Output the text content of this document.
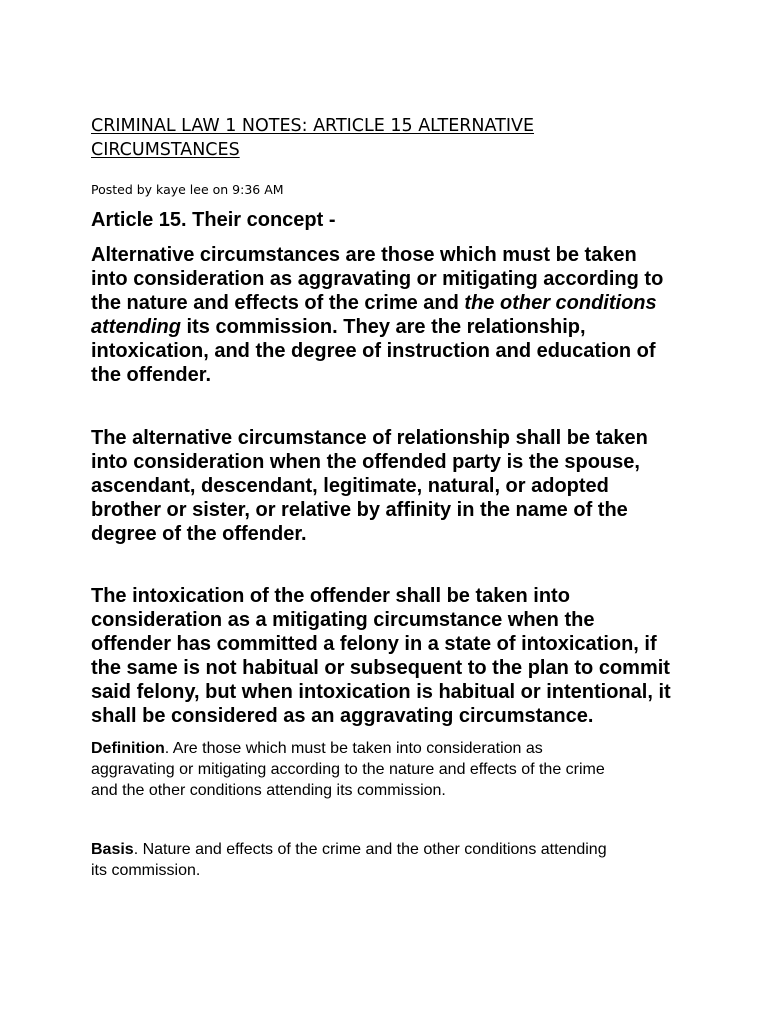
CRIMINAL LAW 1 NOTES: ARTICLE 15 ALTERNATIVE
CIRCUMSTANCES

Posted by kaye lee on 9:36 AM

Article 15. Their concept -

Alternative circumstances are those which must be taken
into consideration as aggravating or mitigating according to
the nature and effects of the crime and the other conditions
attending its commission. They are the relationship,
intoxication, and the degree of instruction and education of
the offender.

The alternative circumstance of relationship shall be taken
into consideration when the offended party is the spouse,
ascendant, descendant, legitimate, natural, or adopted
brother or sister, or relative by affinity in the name of the
degree of the offender.

The intoxication of the offender shall be taken into
consideration as a mitigating circumstance when the
offender has committed a felony in a state of intoxication, if
the same is not habitual or subsequent to the plan to commit
said felony, but when intoxication is habitual or intentional, it
shall be considered as an aggravating circumstance.

Definition. Are those which must be taken into consideration as
aggravating or mitigating according to the nature and effects of the crime
and the other conditions attending its commission.

Basis. Nature and effects of the crime and the other conditions attending
its commission.
